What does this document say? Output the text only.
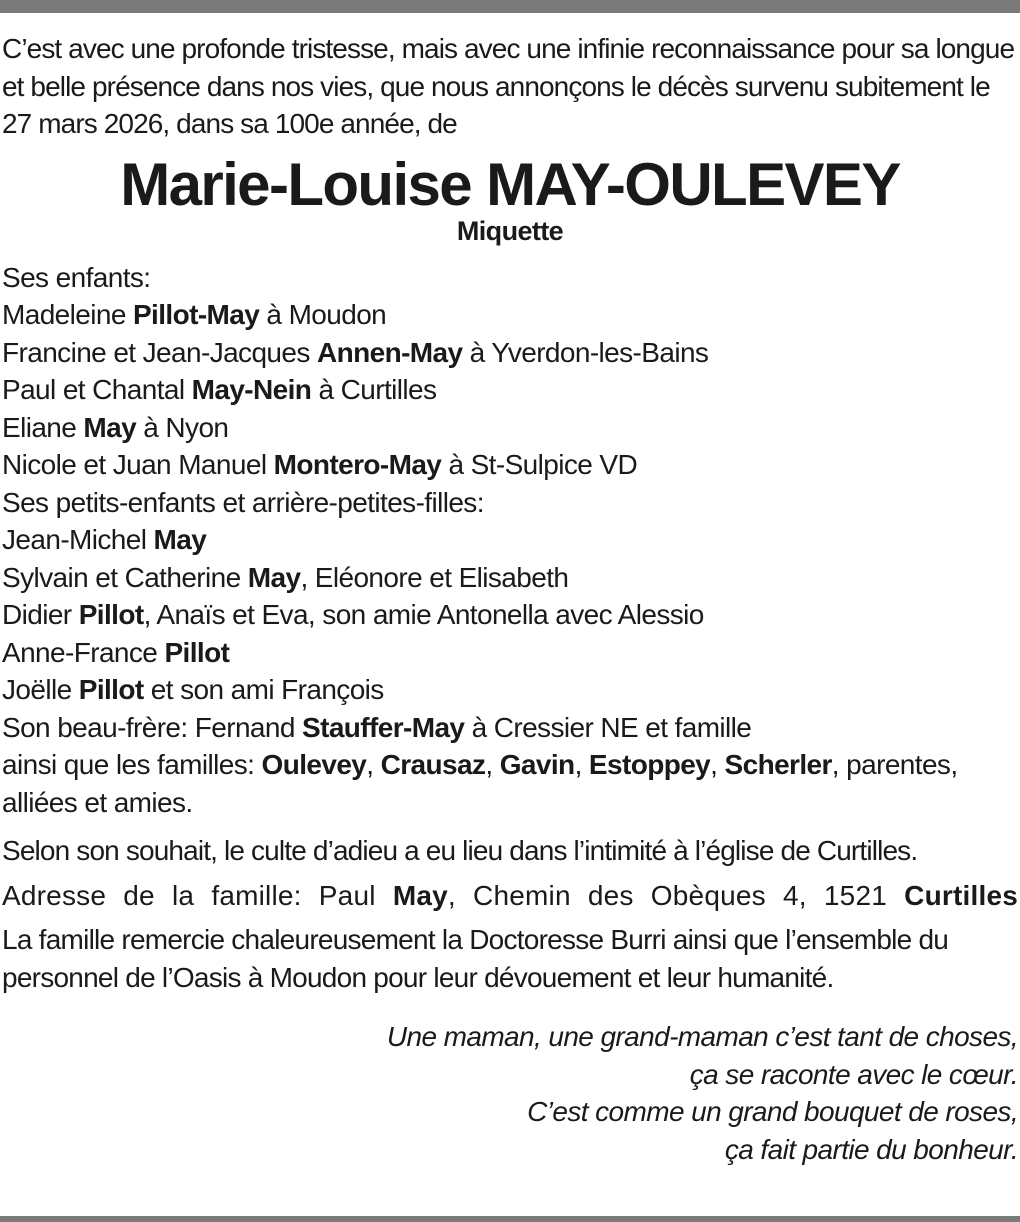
C’est avec une profonde tristesse, mais avec une infinie reconnaissance pour sa longue et belle présence dans nos vies, que nous annonçons le décès survenu subitement le 27 mars 2026, dans sa 100e année, de

Marie-Louise MAY-OULEVEY
Miquette
Ses enfants:
Madeleine Pillot-May à Moudon
Francine et Jean-Jacques Annen-May à Yverdon-les-Bains
Paul et Chantal May-Nein à Curtilles
Eliane May à Nyon
Nicole et Juan Manuel Montero-May à St-Sulpice VD
Ses petits-enfants et arrière-petites-filles:
Jean-Michel May
Sylvain et Catherine May, Eléonore et Elisabeth
Didier Pillot, Anaïs et Eva, son amie Antonella avec Alessio
Anne-France Pillot
Joëlle Pillot et son ami François
Son beau-frère: Fernand Stauffer-May à Cressier NE et famille
ainsi que les familles: Oulevey, Crausaz, Gavin, Estoppey, Scherler, parentes, alliées et amies.
Selon son souhait, le culte d’adieu a eu lieu dans l’intimité à l’église de Curtilles.
Adresse de la famille: Paul May, Chemin des Obèques 4, 1521 Curtilles
La famille remercie chaleureusement la Doctoresse Burri ainsi que l’ensemble du personnel de l’Oasis à Moudon pour leur dévouement et leur humanité.
Une maman, une grand-maman c’est tant de choses,
ça se raconte avec le cœur.
C’est comme un grand bouquet de roses,
ça fait partie du bonheur.
